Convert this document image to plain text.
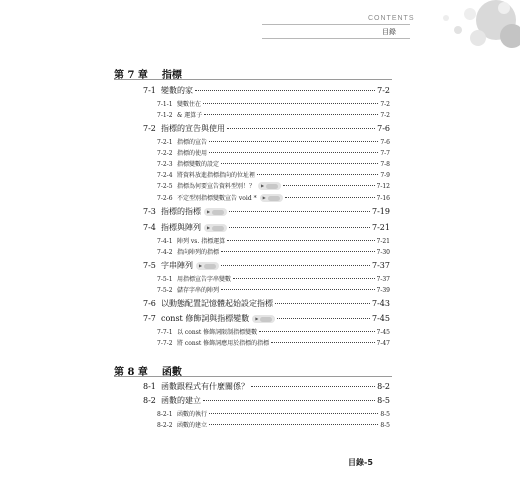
CONTENTS
目錄
第 7 章 指標
7-1 變數的家	7-2
7-1-1 變數住在	7-2
7-1-2 & 運算子	7-2
7-2 指標的宣告與使用	7-6
7-2-1 指標的宣告	7-6
7-2-2 指標的使用	7-7
7-2-3 指標變數的設定	7-8
7-2-4 將資料放進指標指向的位址裡	7-9
7-2-5 指標為何要宣告資料型別！？	▶	7-12
7-2-6 不定型別指標變數宣告 void *	▶	7-16
7-3 指標的指標	▶	7-19
7-4 指標與陣列	▶	7-21
7-4-1 陣列 vs. 指標運算	7-21
7-4-2 指向陣列的指標	7-30
7-5 字串陣列	▶	7-37
7-5-1 用指標宣告字串變數	7-37
7-5-2 儲存字串的陣列	7-39
7-6 以動態配置記憶體起始設定指標	7-43
7-7 const 修飾詞與指標變數	▶	7-45
7-7-1 以 const 修飾詞限制指標變數	7-45
7-7-2 將 const 修飾詞應用於指標的指標	7-47
第 8 章 函數
8-1 函數跟程式有什麼關係？	8-2
8-2 函數的建立	8-5
8-2-1 函數的執行	8-5
8-2-2 函數的建立	8-5
目錄-5
